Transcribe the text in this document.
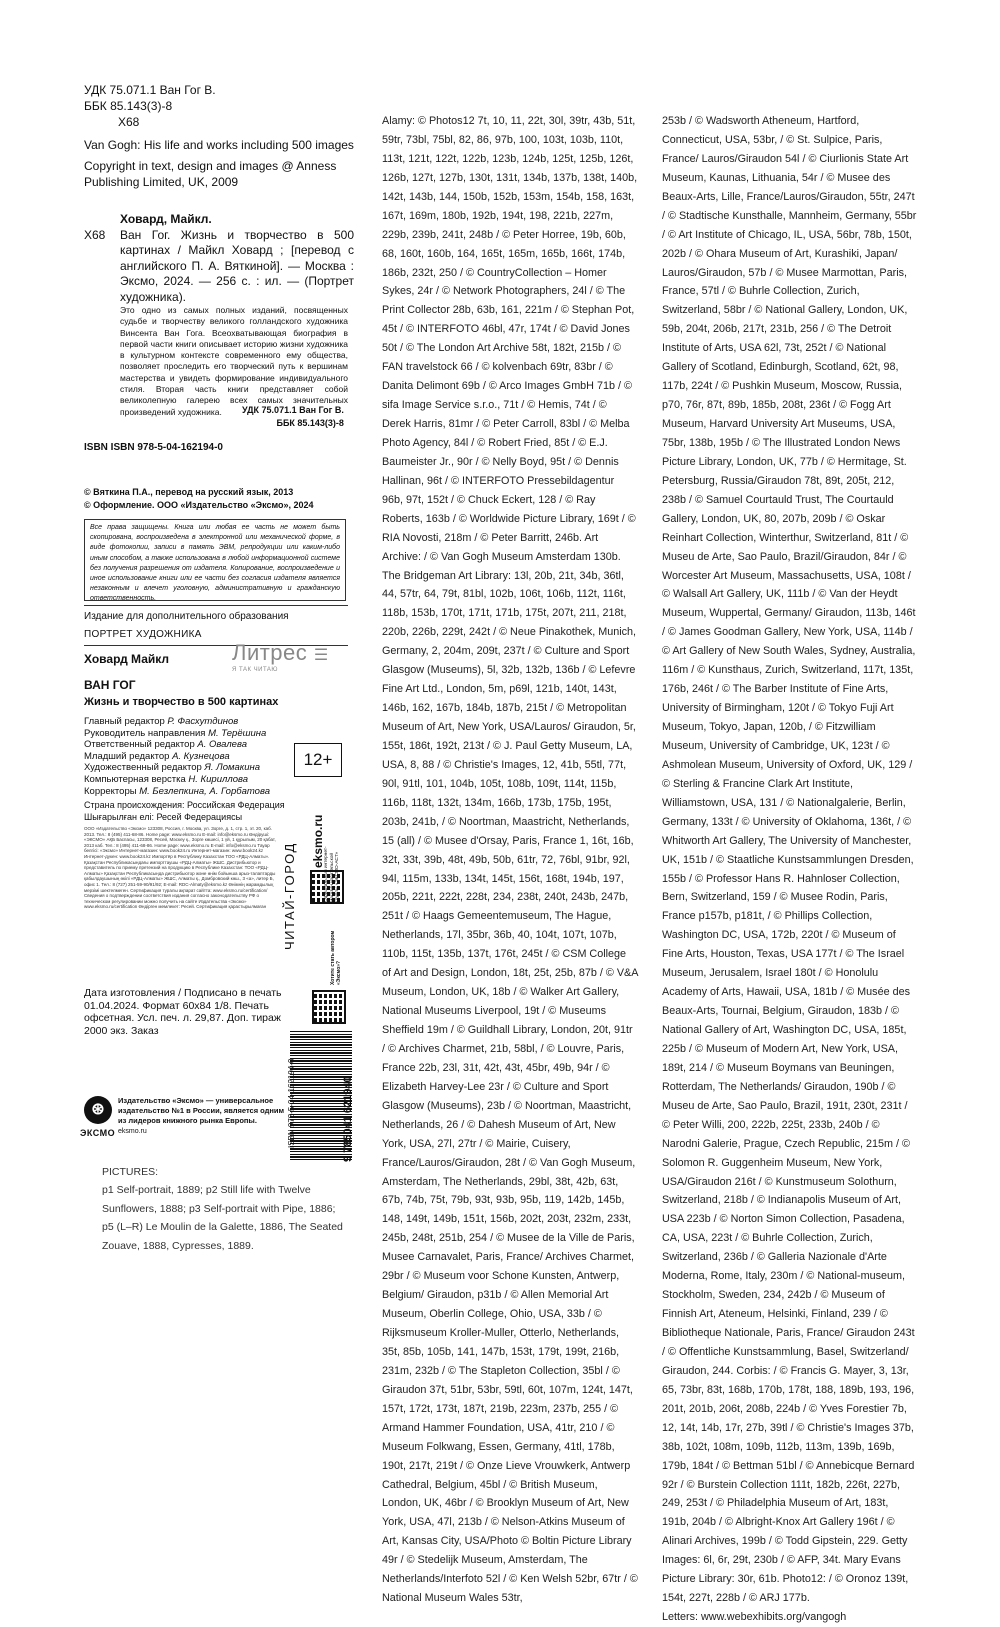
УДК 75.071.1 Ван Гог В.
ББК 85.143(3)-8
Х68

Van Gogh: His life and works including 500 images

Copyright in text, design and images @ Anness Publishing Limited, UK, 2009

Ховард, Майкл.
Х68	Ван Гог. Жизнь и творчество в 500 картинах / Майкл Ховард ; [перевод с английского П. А. Вяткиной]. — Москва : Эксмо, 2024. — 256 с. : ил. — (Портрет художника).
Это одно из самых полных изданий, посвященных судьбе и творчеству великого голландского художника Винсента Ван Гога. Всеохватывающая биография в первой части книги описывает историю жизни художника в культурном контексте современного ему общества, позволяет проследить его творческий путь к вершинам мастерства и увидеть формирование индивидуального стиля. Вторая часть книги представляет собой великолепную галерею всех самых значительных произведений художника.	УДК 75.071.1 Ван Гог В.
ББК 85.143(3)-8
ISBN ISBN 978-5-04-162194-0
© Вяткина П.А., перевод на русский язык, 2013
© Оформление. ООО «Издательство «Эксмо», 2024
Все права защищены. Книга или любая ее часть не может быть скопирована, воспроизведена в электронной или механической форме, в виде фотокопии, записи в память ЭВМ, репродукции или каким-либо иным способом, а также использована в любой информационной системе без получения разрешения от издателя. Копирование, воспроизведение и иное использование книги или ее части без согласия издателя является незаконным и влечет уголовную, административную и гражданскую ответственность.
Издание для дополнительного образования
ПОРТРЕТ ХУДОЖНИКА
Ховард Майкл	Литрес ☰
Я ТАК ЧИТАЮ
ВАН ГОГ
Жизнь и творчество в 500 картинах
Главный редактор Р. Фасхутдинов
Руководитель направления М. Терёшина
Ответственный редактор А. Овалева
Младший редактор А. Кузнецова
Художественный редактор Я. Ломакина
Компьютерная верстка Н. Кириллова
Корректоры М. Безлепкина, А. Горбатова
12+
Страна происхождения: Российская Федерация
Шығарылған елі: Ресей Федерациясы
ООО «Издательство «Эксмо» 123308, Россия, г. Москва, ул. Зорге, д. 1, стр. 1, эт. 20, каб. 2013. Тел.: 8 (495) 411-68-86. Home page: www.eksmo.ru E-mail: info@eksmo.ru Өндіруші: «ЭКСМО» АҚБ Баспасы, 123308, Ресей, Мәскеу қ., Зорге көшесі, 1 үй, 1 құрылым, 20 қабат, 2013 каб. Тел.: 8 (495) 411-68-86. Home page: www.eksmo.ru E-mail: info@eksmo.ru Тауар белгісі: «Эксмо» Интернет-магазин: www.book24.ru Интернет-магазин: www.book24.kz Интернет-дүкен: www.book24.kz Импортёр в Республику Казахстан ТОО «РДЦ-Алматы». Қазақстан Республикасындағы импорттаушы «РДЦ-Алматы» ЖШС. Дистрибьютор и представитель по приему претензий на продукцию в Республике Казахстан: ТОО «РДЦ-Алматы» Қазақстан Республикасында дистрибьютор және өнім бойынша арыз-талаптарды қабылдаушының өкілі «РДЦ-Алматы» ЖШС, Алматы қ., Домбровский көш., 3 «а», литер Б, офис 1. Тел.: 8 (727) 251-59-90/91/92; E-mail: RDC-Almaty@eksmo.kz Өнімнің жарамдылық мерзімі шектелмеген. Сертификация туралы ақпарат сайтта: www.eksmo.ru/certification/ Сведения о подтверждении соответствия издания согласно законодательству РФ о техническом регулировании можно получить на сайте Издательства «Эксмо» www.eksmo.ru/certification Өндірген мемлекет: Ресей. Сертификация қарастырылмаған	ЧИТАЙ-ГОРОД
eksmo.ru
Официальный интернет-магазин издательской группы «ЭКСМО-АСТ»
Хотите стать автором «Эксмо»?
Дата изготовления / Подписано в печать 01.04.2024. Формат 60x84 1/8. Печать офсетная. Усл. печ. л. 29,87. Доп. тираж 2000 экз. Заказ
ISBN 978-5-04-162194-0	9 785041 621940
⊛
ЭКСМО eksmo.ru
Издательство «Эксмо» — универсальное издательство №1 в России, является одним из лидеров книжного рынка Европы.
PICTURES:
p1 Self-portrait, 1889; p2 Still life with Twelve Sunflowers, 1888; p3 Self-portrait with Pipe, 1886; p5 (L–R) Le Moulin de la Galette, 1886, The Seated Zouave, 1888, Cypresses, 1889.
Alamy: © Photos12 7t, 10, 11, 22t, 30l, 39tr, 43b, 51t, 59tr, 73bl, 75bl, 82, 86, 97b, 100, 103t, 103b, 110t, 113t, 121t, 122t, 122b, 123b, 124b, 125t, 125b, 126t, 126b, 127t, 127b, 130t, 131t, 134b, 137b, 138t, 140b, 142t, 143b, 144, 150b, 152b, 153m, 154b, 158, 163t, 167t, 169m, 180b, 192b, 194t, 198, 221b, 227m, 229b, 239b, 241t, 248b / © Peter Horree, 19b, 60b, 68, 160t, 160b, 164, 165t, 165m, 165b, 166t, 174b, 186b, 232t, 250 / © CountryCollection – Homer Sykes, 24r / © Network Photographers, 24l / © The Print Collector 28b, 63b, 161, 221m / © Stephan Pot, 45t / © INTERFOTO 46bl, 47r, 174t / © David Jones 50t / © The London Art Archive 58t, 182t, 215b / © FAN travelstock 66 / © kolvenbach 69tr, 83br / © Danita Delimont 69b / © Arco Images GmbH 71b / © sifa Image Service s.r.o., 71t / © Hemis, 74t / © Derek Harris, 81mr / © Peter Carroll, 83bl / © Melba Photo Agency, 84l / © Robert Fried, 85t / © E.J. Baumeister Jr., 90r / © Nelly Boyd, 95t / © Dennis Hallinan, 96t / © INTERFOTO Pressebildagentur 96b, 97t, 152t / © Chuck Eckert, 128 / © Ray Roberts, 163b / © Worldwide Picture Library, 169t / © RIA Novosti, 218m / © Peter Barritt, 246b. Art Archive: / © Van Gogh Museum Amsterdam 130b. The Bridgeman Art Library: 13l, 20b, 21t, 34b, 36tl, 44, 57tr, 64, 79t, 81bl, 102b, 106t, 106b, 112t, 116t, 118b, 153b, 170t, 171t, 171b, 175t, 207t, 211, 218t, 220b, 226b, 229t, 242t / © Neue Pinakothek, Munich, Germany, 2, 204m, 209t, 237t / © Culture and Sport Glasgow (Museums), 5l, 32b, 132b, 136b / © Lefevre Fine Art Ltd., London, 5m, p69l, 121b, 140t, 143t, 146b, 162, 167b, 184b, 187b, 215t / © Metropolitan Museum of Art, New York, USA/Lauros/ Giraudon, 5r, 155t, 186t, 192t, 213t / © J. Paul Getty Museum, LA, USA, 8, 88 / © Christie's Images, 12, 41b, 55tl, 77t, 90l, 91tl, 101, 104b, 105t, 108b, 109t, 114t, 115b, 116b, 118t, 132t, 134m, 166b, 173b, 175b, 195t, 203b, 241b, / © Noortman, Maastricht, Netherlands, 15 (all) / © Musee d'Orsay, Paris, France 1, 16t, 16b, 32t, 33t, 39b, 48t, 49b, 50b, 61tr, 72, 76bl, 91br, 92l, 94l, 115m, 133b, 134t, 145t, 156t, 168t, 194b, 197, 205b, 221t, 222t, 228t, 234, 238t, 240t, 243b, 247b, 251t / © Haags Gemeentemuseum, The Hague, Netherlands, 17l, 35br, 36b, 40, 104t, 107t, 107b, 110b, 115t, 135b, 137t, 176t, 245t / © CSM College of Art and Design, London, 18t, 25t, 25b, 87b / © V&A Museum, London, UK, 18b / © Walker Art Gallery, National Museums Liverpool, 19t / © Museums Sheffield 19m / © Guildhall Library, London, 20t, 91tr / © Archives Charmet, 21b, 58bl, / © Louvre, Paris, France 22b, 23l, 31t, 42t, 43t, 45br, 49b, 94r / © Elizabeth Harvey-Lee 23r / © Culture and Sport Glasgow (Museums), 23b / © Noortman, Maastricht, Netherlands, 26 / © Dahesh Museum of Art, New York, USA, 27l, 27tr / © Mairie, Cuisery, France/Lauros/Giraudon, 28t / © Van Gogh Museum, Amsterdam, The Netherlands, 29bl, 38t, 42b, 63t, 67b, 74b, 75t, 79b, 93t, 93b, 95b, 119, 142b, 145b, 148, 149t, 149b, 151t, 156b, 202t, 203t, 232m, 233t, 245b, 248t, 251b, 254 / © Musee de la Ville de Paris, Musee Carnavalet, Paris, France/ Archives Charmet, 29br / © Museum voor Schone Kunsten, Antwerp, Belgium/ Giraudon, p31b / © Allen Memorial Art Museum, Oberlin College, Ohio, USA, 33b / © Rijksmuseum Kroller-Muller, Otterlo, Netherlands, 35t, 85b, 105b, 141, 147b, 153t, 179t, 199t, 216b, 231m, 232b / © The Stapleton Collection, 35bl / © Giraudon 37t, 51br, 53br, 59tl, 60t, 107m, 124t, 147t, 157t, 172t, 173t, 187t, 219b, 223m, 237b, 255 / © Armand Hammer Foundation, USA, 41tr, 210 / © Museum Folkwang, Essen, Germany, 41tl, 178b, 190t, 217t, 219t / © Onze Lieve Vrouwkerk, Antwerp Cathedral, Belgium, 45bl / © British Museum, London, UK, 46br / © Brooklyn Museum of Art, New York, USA, 47l, 213b / © Nelson-Atkins Museum of Art, Kansas City, USA/Photo © Boltin Picture Library 49r / © Stedelijk Museum, Amsterdam, The Netherlands/Interfoto 52l / © Ken Welsh 52br, 67tr / © National Museum Wales 53tr,
253b / © Wadsworth Atheneum, Hartford, Connecticut, USA, 53br, / © St. Sulpice, Paris, France/ Lauros/Giraudon 54l / © Ciurlionis State Art Museum, Kaunas, Lithuania, 54r / © Musee des Beaux-Arts, Lille, France/Lauros/Giraudon, 55tr, 247t / © Stadtische Kunsthalle, Mannheim, Germany, 55br / © Art Institute of Chicago, IL, USA, 56br, 78b, 150t, 202b / © Ohara Museum of Art, Kurashiki, Japan/ Lauros/Giraudon, 57b / © Musee Marmottan, Paris, France, 57tl / © Buhrle Collection, Zurich, Switzerland, 58br / © National Gallery, London, UK, 59b, 204t, 206b, 217t, 231b, 256 / © The Detroit Institute of Arts, USA 62l, 73t, 252t / © National Gallery of Scotland, Edinburgh, Scotland, 62t, 98, 117b, 224t / © Pushkin Museum, Moscow, Russia, p70, 76r, 87t, 89b, 185b, 208t, 236t / © Fogg Art Museum, Harvard University Art Museums, USA, 75br, 138b, 195b / © The Illustrated London News Picture Library, London, UK, 77b / © Hermitage, St. Petersburg, Russia/Giraudon 78t, 89t, 205t, 212, 238b / © Samuel Courtauld Trust, The Courtauld Gallery, London, UK, 80, 207b, 209b / © Oskar Reinhart Collection, Winterthur, Switzerland, 81t / © Museu de Arte, Sao Paulo, Brazil/Giraudon, 84r / © Worcester Art Museum, Massachusetts, USA, 108t / © Walsall Art Gallery, UK, 111b / © Van der Heydt Museum, Wuppertal, Germany/ Giraudon, 113b, 146t / © James Goodman Gallery, New York, USA, 114b / © Art Gallery of New South Wales, Sydney, Australia, 116m / © Kunsthaus, Zurich, Switzerland, 117t, 135t, 176b, 246t / © The Barber Institute of Fine Arts, University of Birmingham, 120t / © Tokyo Fuji Art Museum, Tokyo, Japan, 120b, / © Fitzwilliam Museum, University of Cambridge, UK, 123t / © Ashmolean Museum, University of Oxford, UK, 129 / © Sterling & Francine Clark Art Institute, Williamstown, USA, 131 / © Nationalgalerie, Berlin, Germany, 133t / © University of Oklahoma, 136t, / © Whitworth Art Gallery, The University of Manchester, UK, 151b / © Staatliche Kunstsammlungen Dresden, 155b / © Professor Hans R. Hahnloser Collection, Bern, Switzerland, 159 / © Musee Rodin, Paris, France p157b, p181t, / © Phillips Collection, Washington DC, USA, 172b, 220t / © Museum of Fine Arts, Houston, Texas, USA 177t / © The Israel Museum, Jerusalem, Israel 180t / © Honolulu Academy of Arts, Hawaii, USA, 181b / © Musée des Beaux-Arts, Tournai, Belgium, Giraudon, 183b / © National Gallery of Art, Washington DC, USA, 185t, 225b / © Museum of Modern Art, New York, USA, 189t, 214 / © Museum Boymans van Beuningen, Rotterdam, The Netherlands/ Giraudon, 190b / © Museu de Arte, Sao Paulo, Brazil, 191t, 230t, 231t / © Peter Willi, 200, 222b, 225t, 233b, 240b / © Narodni Galerie, Prague, Czech Republic, 215m / © Solomon R. Guggenheim Museum, New York, USA/Giraudon 216t / © Kunstmuseum Solothurn, Switzerland, 218b / © Indianapolis Museum of Art, USA 223b / © Norton Simon Collection, Pasadena, CA, USA, 223t / © Buhrle Collection, Zurich, Switzerland, 236b / © Galleria Nazionale d'Arte Moderna, Rome, Italy, 230m / © National-museum, Stockholm, Sweden, 234, 242b / © Museum of Finnish Art, Ateneum, Helsinki, Finland, 239 / © Bibliotheque Nationale, Paris, France/ Giraudon 243t / © Offentliche Kunstsammlung, Basel, Switzerland/ Giraudon, 244. Corbis: / © Francis G. Mayer, 3, 13r, 65, 73br, 83t, 168b, 170b, 178t, 188, 189b, 193, 196, 201t, 201b, 206t, 208b, 224b / © Yves Forestier 7b, 12, 14t, 14b, 17r, 27b, 39tl / © Christie's Images 37b, 38b, 102t, 108m, 109b, 112b, 113m, 139b, 169b, 179b, 184t / © Bettman 51bl / © Annebicque Bernard 92r / © Burstein Collection 111t, 182b, 226t, 227b, 249, 253t / © Philadelphia Museum of Art, 183t, 191b, 204b / © Albright-Knox Art Gallery 196t / © Alinari Archives, 199b / © Todd Gipstein, 229. Getty Images: 6l, 6r, 29t, 230b / © AFP, 34t. Mary Evans Picture Library: 30r, 61b. Photo12: / © Oronoz 139t, 154t, 227t, 228b / © ARJ 177b.
Letters: www.webexhibits.org/vangogh
